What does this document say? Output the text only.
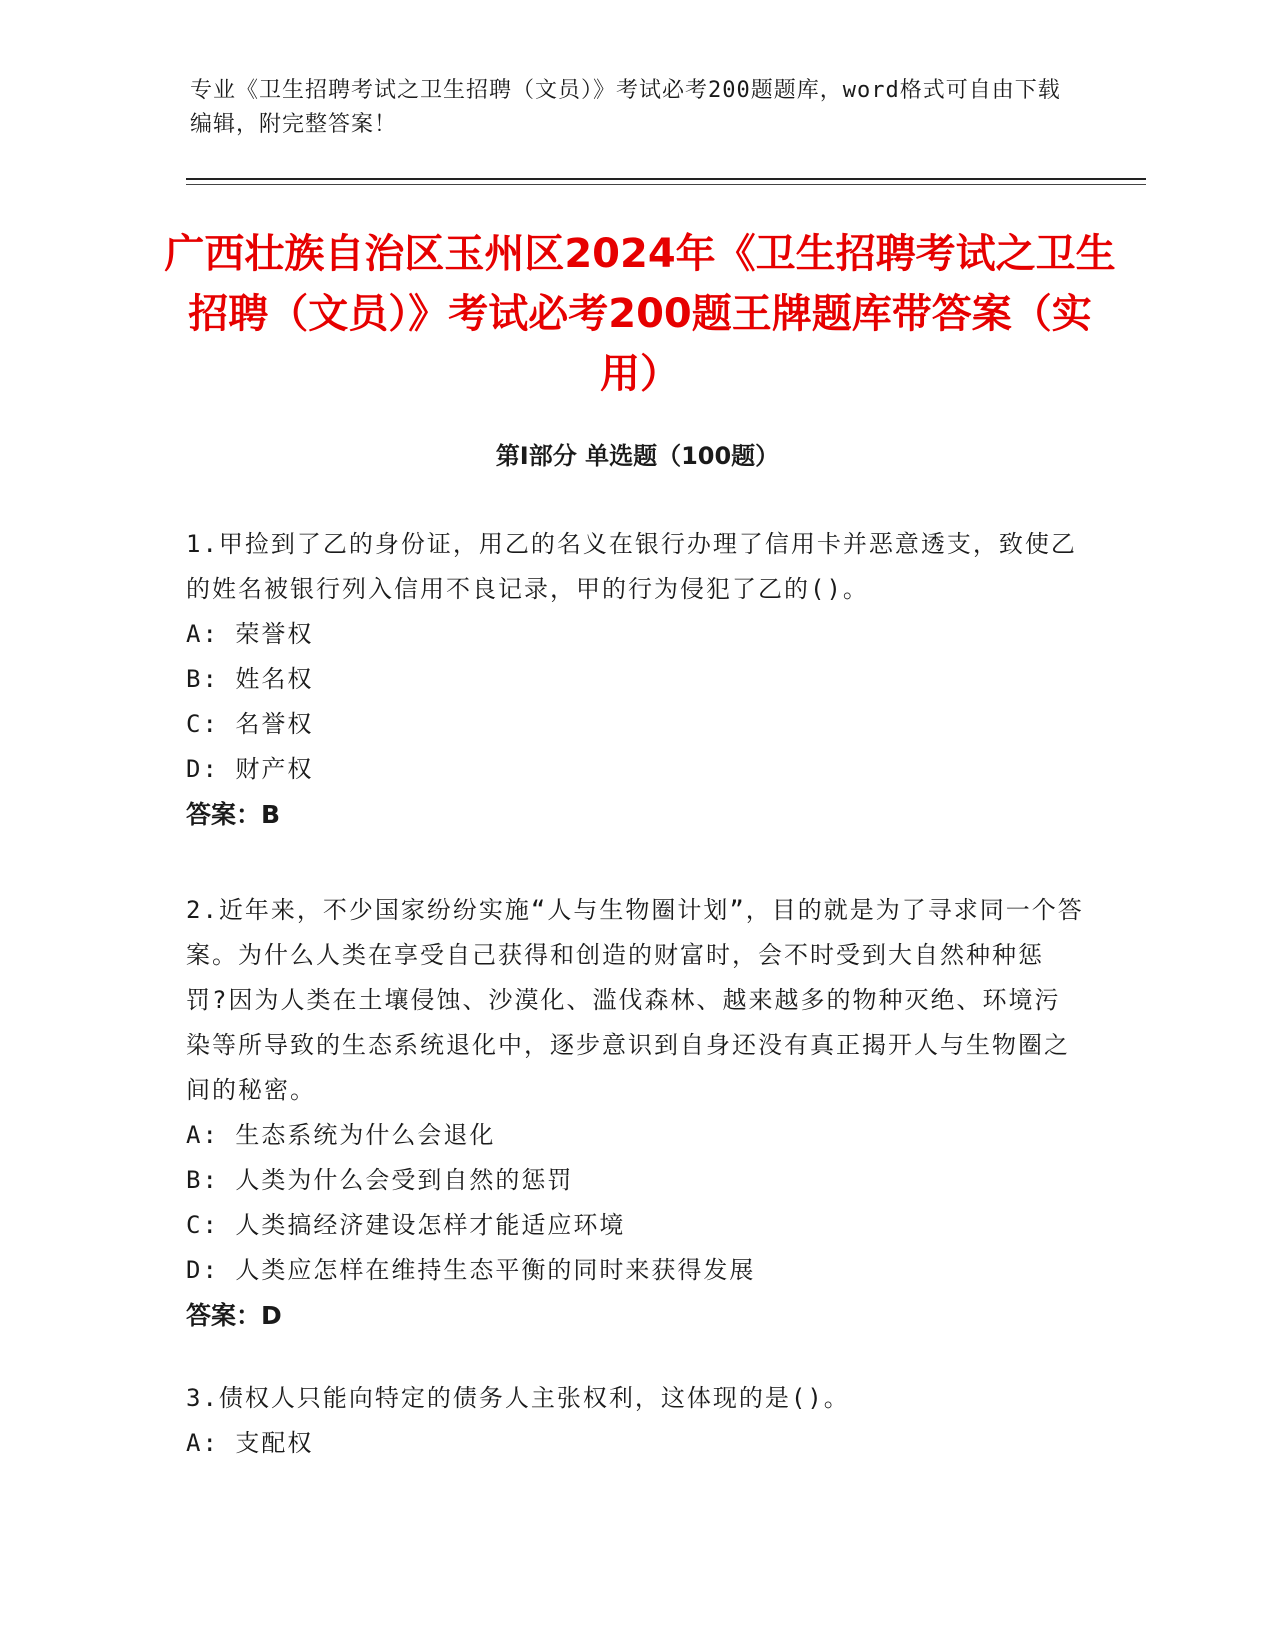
专业《卫生招聘考试之卫生招聘（文员）》考试必考200题题库，word格式可自由下载编辑，附完整答案！
广西壮族自治区玉州区2024年《卫生招聘考试之卫生招聘（文员）》考试必考200题王牌题库带答案（实用）
第I部分 单选题（100题）

1.甲捡到了乙的身份证，用乙的名义在银行办理了信用卡并恶意透支，致使乙的姓名被银行列入信用不良记录，甲的行为侵犯了乙的()。

A: 荣誉权
B: 姓名权
C: 名誉权
D: 财产权
答案：B

2.近年来，不少国家纷纷实施“人与生物圈计划”，目的就是为了寻求同一个答案。为什么人类在享受自己获得和创造的财富时，会不时受到大自然种种惩罚?因为人类在土壤侵蚀、沙漠化、滥伐森林、越来越多的物种灭绝、环境污染等所导致的生态系统退化中，逐步意识到自身还没有真正揭开人与生物圈之间的秘密。

A: 生态系统为什么会退化
B: 人类为什么会受到自然的惩罚
C: 人类搞经济建设怎样才能适应环境
D: 人类应怎样在维持生态平衡的同时来获得发展
答案：D

3.债权人只能向特定的债务人主张权利，这体现的是()。

A: 支配权
